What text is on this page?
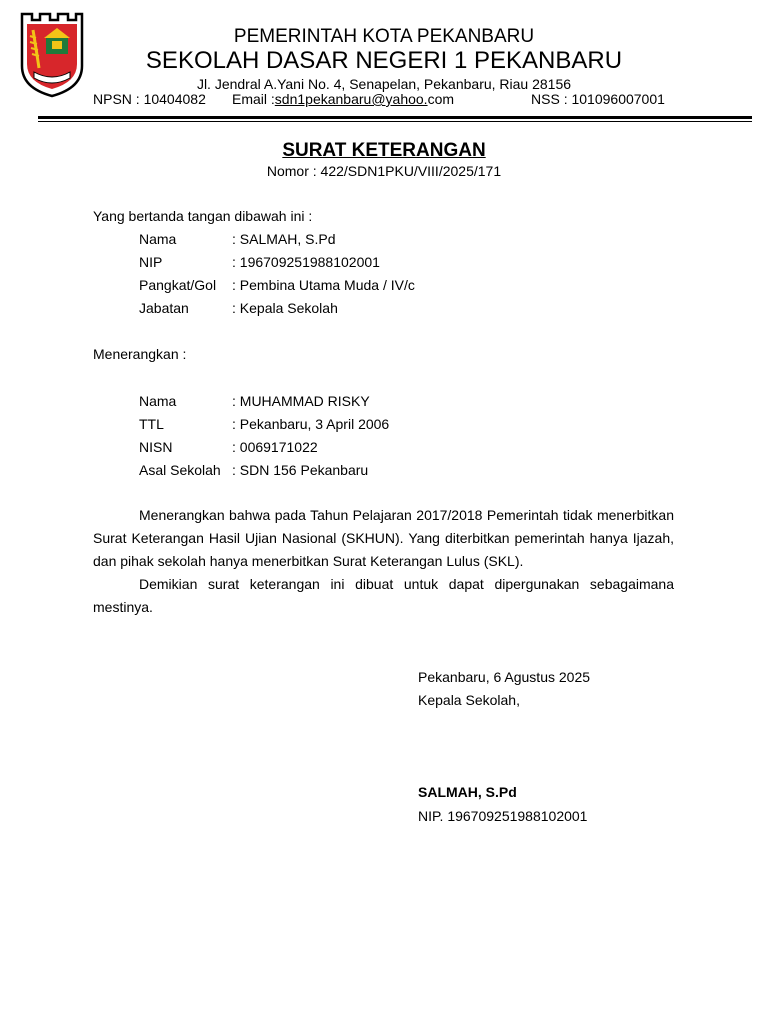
PEMERINTAH KOTA PEKANBARU
SEKOLAH DASAR NEGERI 1 PEKANBARU
Jl. Jendral A.Yani No. 4, Senapelan, Pekanbaru, Riau 28156
NPSN : 10404082 Email :sdn1pekanbaru@yahoo.com	NSS : 101096007001
SURAT KETERANGAN
Nomor : 422/SDN1PKU/VIII/2025/171
Yang bertanda tangan dibawah ini :
Nama	: SALMAH, S.Pd
NIP	: 196709251988102001
Pangkat/Gol : Pembina Utama Muda / IV/c
Jabatan	: Kepala Sekolah
Menerangkan :
Nama	: MUHAMMAD RISKY
TTL	: Pekanbaru, 3 April 2006
NISN	: 0069171022
Asal Sekolah : SDN 156 Pekanbaru

Menerangkan bahwa pada Tahun Pelajaran 2017/2018 Pemerintah tidak menerbitkan Surat Keterangan Hasil Ujian Nasional (SKHUN). Yang diterbitkan pemerintah hanya Ijazah, dan pihak sekolah hanya menerbitkan Surat Keterangan Lulus (SKL).

Demikian surat keterangan ini dibuat untuk dapat dipergunakan sebagaimana mestinya.

Pekanbaru, 6 Agustus 2025
Kepala Sekolah,
SALMAH, S.Pd
NIP. 196709251988102001
